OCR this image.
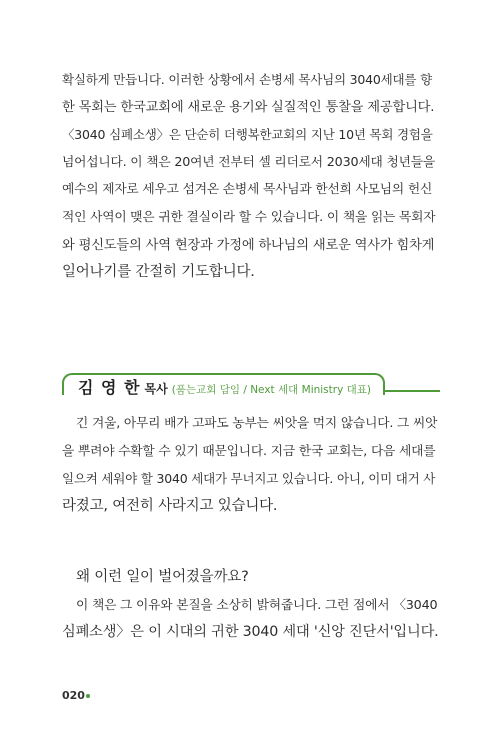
확실하게 만듭니다. 이러한 상황에서 손병세 목사님의 3040세대를 향
한 목회는 한국교회에 새로운 용기와 실질적인 통찰을 제공합니다.
〈3040 심폐소생〉은 단순히 더행복한교회의 지난 10년 목회 경험을
넘어섭니다. 이 책은 20여년 전부터 셀 리더로서 2030세대 청년들을
예수의 제자로 세우고 섬겨온 손병세 목사님과 한선희 사모님의 헌신
적인 사역이 맺은 귀한 결실이라 할 수 있습니다. 이 책을 읽는 목회자
와 평신도들의 사역 현장과 가정에 하나님의 새로운 역사가 힘차게
일어나기를 간절히 기도합니다.
김 영 한 목사 (품는교회 담임 / Next 세대 Ministry 대표)
긴 겨울, 아무리 배가 고파도 농부는 씨앗을 먹지 않습니다. 그 씨앗
을 뿌려야 수확할 수 있기 때문입니다. 지금 한국 교회는, 다음 세대를
일으켜 세워야 할 3040 세대가 무너지고 있습니다. 아니, 이미 대거 사
라졌고, 여전히 사라지고 있습니다.
왜 이런 일이 벌어졌을까요?
이 책은 그 이유와 본질을 소상히 밝혀줍니다. 그런 점에서 〈3040
심폐소생〉은 이 시대의 귀한 3040 세대 '신앙 진단서'입니다.
020
